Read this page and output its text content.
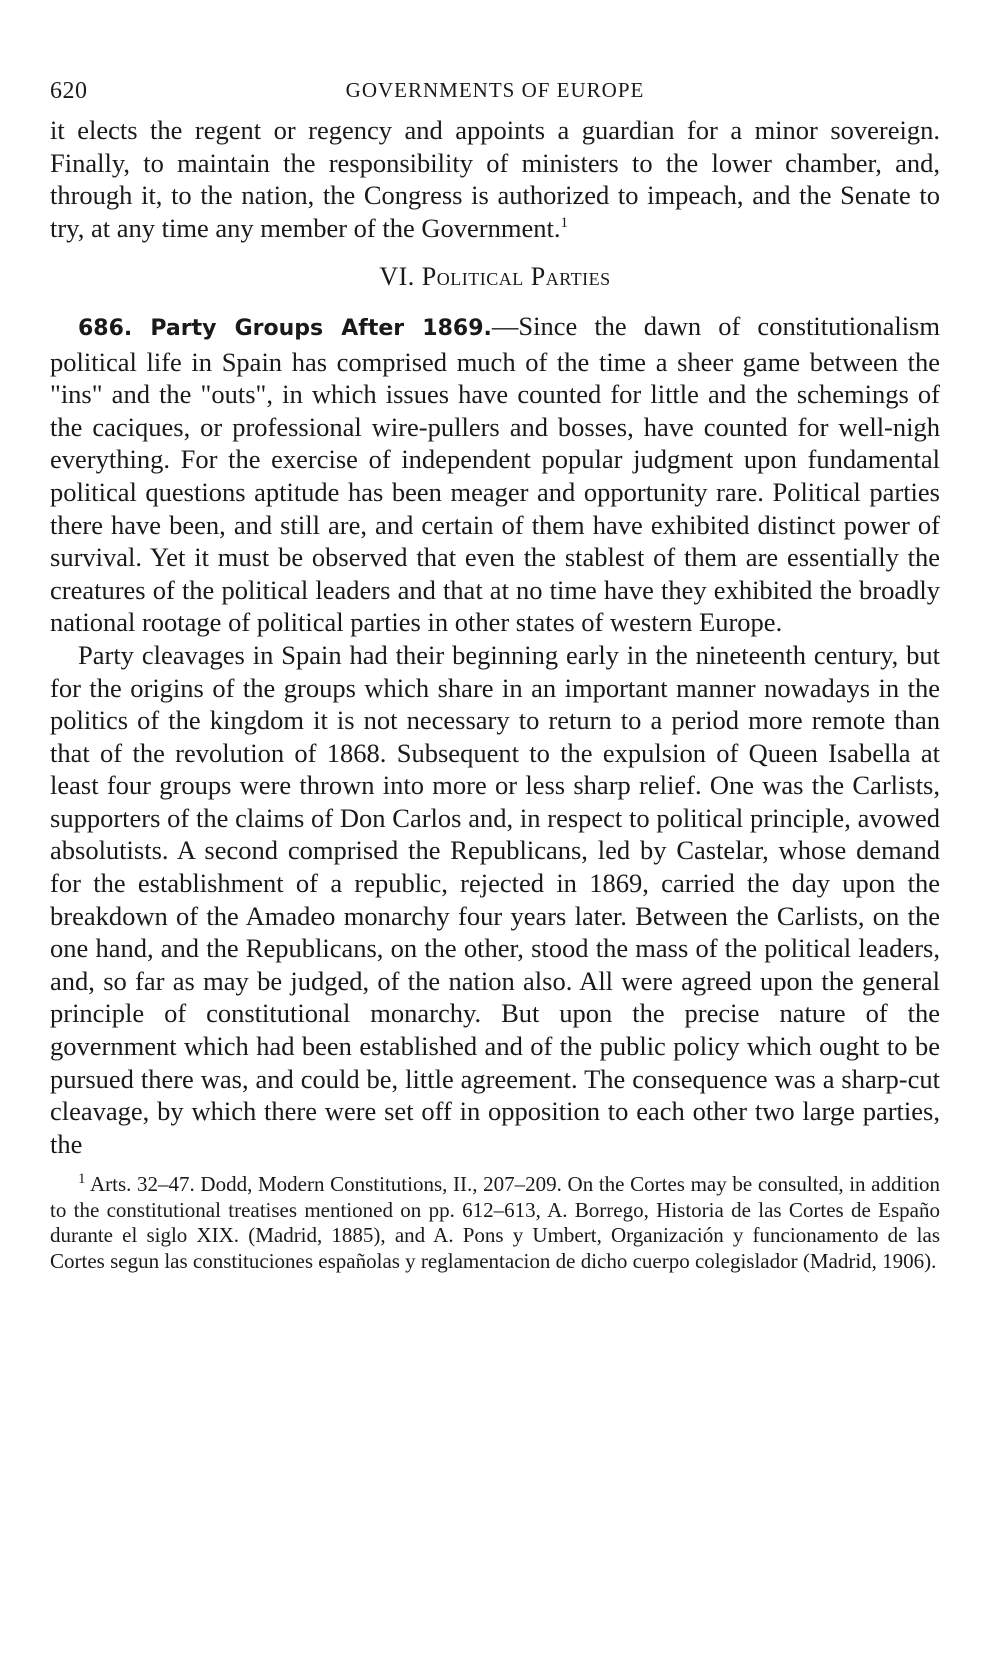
620	GOVERNMENTS OF EUROPE

it elects the regent or regency and appoints a guardian for a minor sovereign. Finally, to maintain the responsibility of ministers to the lower chamber, and, through it, to the nation, the Congress is authorized to impeach, and the Senate to try, at any time any member of the Government.$^1$

VI. Political Parties

686. Party Groups After 1869.—Since the dawn of constitutionalism political life in Spain has comprised much of the time a sheer game between the "ins" and the "outs", in which issues have counted for little and the schemings of the caciques, or professional wire-pullers and bosses, have counted for well-nigh everything. For the exercise of independent popular judgment upon fundamental political questions aptitude has been meager and opportunity rare. Political parties there have been, and still are, and certain of them have exhibited distinct power of survival. Yet it must be observed that even the stablest of them are essentially the creatures of the political leaders and that at no time have they exhibited the broadly national rootage of political parties in other states of western Europe.

Party cleavages in Spain had their beginning early in the nineteenth century, but for the origins of the groups which share in an important manner nowadays in the politics of the kingdom it is not necessary to return to a period more remote than that of the revolution of 1868. Subsequent to the expulsion of Queen Isabella at least four groups were thrown into more or less sharp relief. One was the Carlists, supporters of the claims of Don Carlos and, in respect to political principle, avowed absolutists. A second comprised the Republicans, led by Castelar, whose demand for the establishment of a republic, rejected in 1869, carried the day upon the breakdown of the Amadeo monarchy four years later. Between the Carlists, on the one hand, and the Republicans, on the other, stood the mass of the political leaders, and, so far as may be judged, of the nation also. All were agreed upon the general principle of constitutional monarchy. But upon the precise nature of the government which had been established and of the public policy which ought to be pursued there was, and could be, little agreement. The consequence was a sharp-cut cleavage, by which there were set off in opposition to each other two large parties, the

$^1$ Arts. 32–47. Dodd, Modern Constitutions, II., 207–209. On the Cortes may be consulted, in addition to the constitutional treatises mentioned on pp. 612–613, A. Borrego, Historia de las Cortes de Españo durante el siglo XIX. (Madrid, 1885), and A. Pons y Umbert, Organización y funcionamento de las Cortes segun las constituciones españolas y reglamentacion de dicho cuerpo colegislador (Madrid, 1906).
